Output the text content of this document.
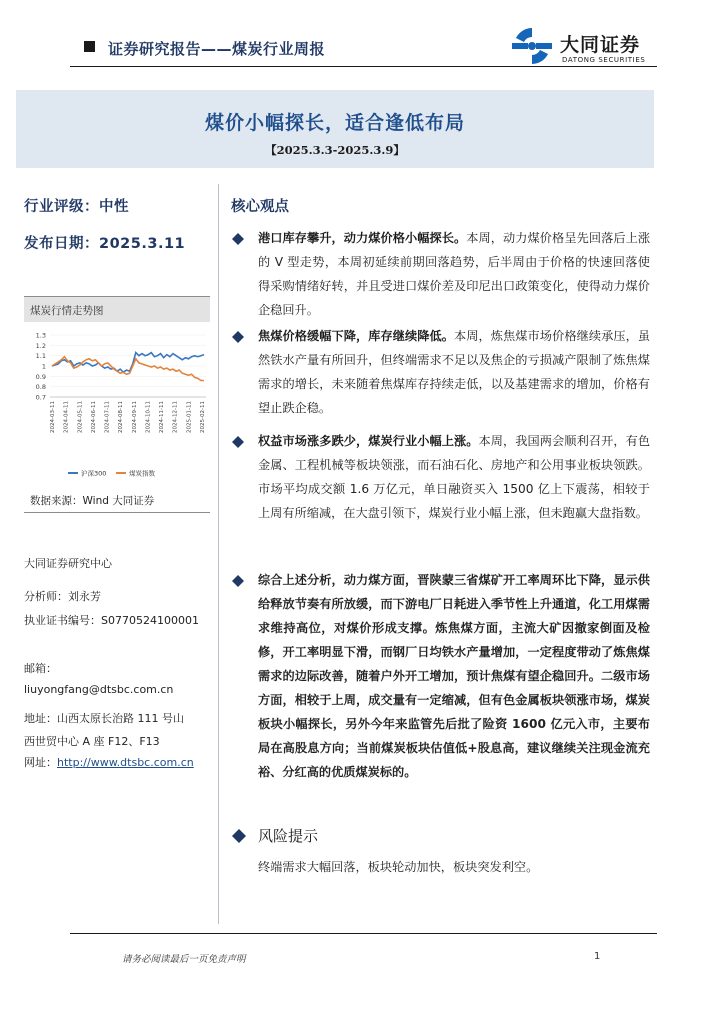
证券研究报告——煤炭行业周报	大同证券
DATONG SECURITIES
煤价小幅探长，适合逢低布局
【2025.3.3-2025.3.9】
行业评级：中性
发布日期：2025.3.11
煤炭行情走势图
1.3
1.2
1.1
1
0.9
0.8
0.7
2024-03-11 2024-04-11 2024-05-11 2024-06-11 2024-07-11 2024-08-11 2024-09-11 2024-10-11 2024-11-11 2024-12-11 2025-01-11 2025-02-11
沪深300	煤炭指数
数据来源：Wind 大同证券
大同证券研究中心
分析师：刘永芳
执业证书编号：S0770524100001
邮箱：
liuyongfang@dtsbc.com.cn
地址：山西太原长治路 111 号山
西世贸中心 A 座 F12、F13
网址：http://www.dtsbc.com.cn
核心观点
港口库存攀升，动力煤价格小幅探长。本周，动力煤价格呈先回落后上涨的 V 型走势，本周初延续前期回落趋势，后半周由于价格的快速回落使得采购情绪好转，并且受进口煤价差及印尼出口政策变化，使得动力煤价企稳回升。
焦煤价格缓幅下降，库存继续降低。本周，炼焦煤市场价格继续承压，虽然铁水产量有所回升，但终端需求不足以及焦企的亏损减产限制了炼焦煤需求的增长，未来随着焦煤库存持续走低，以及基建需求的增加，价格有望止跌企稳。
权益市场涨多跌少，煤炭行业小幅上涨。本周，我国两会顺利召开，有色金属、工程机械等板块领涨，而石油石化、房地产和公用事业板块领跌。市场平均成交额 1.6 万亿元，单日融资买入 1500 亿上下震荡，相较于上周有所缩减，在大盘引领下，煤炭行业小幅上涨，但未跑赢大盘指数。
综合上述分析，动力煤方面，晋陕蒙三省煤矿开工率周环比下降，显示供给释放节奏有所放缓，而下游电厂日耗进入季节性上升通道，化工用煤需求维持高位，对煤价形成支撑。炼焦煤方面，主流大矿因撤家倒面及检修，开工率明显下滑，而钢厂日均铁水产量增加，一定程度带动了炼焦煤需求的边际改善，随着户外开工增加，预计焦煤有望企稳回升。二级市场方面，相较于上周，成交量有一定缩减，但有色金属板块领涨市场，煤炭板块小幅探长，另外今年来监管先后批了险资 1600 亿元入市，主要布局在高股息方向；当前煤炭板块估值低+股息高，建议继续关注现金流充裕、分红高的优质煤炭标的。
风险提示
终端需求大幅回落，板块轮动加快，板块突发利空。
请务必阅读最后一页免责声明	1
